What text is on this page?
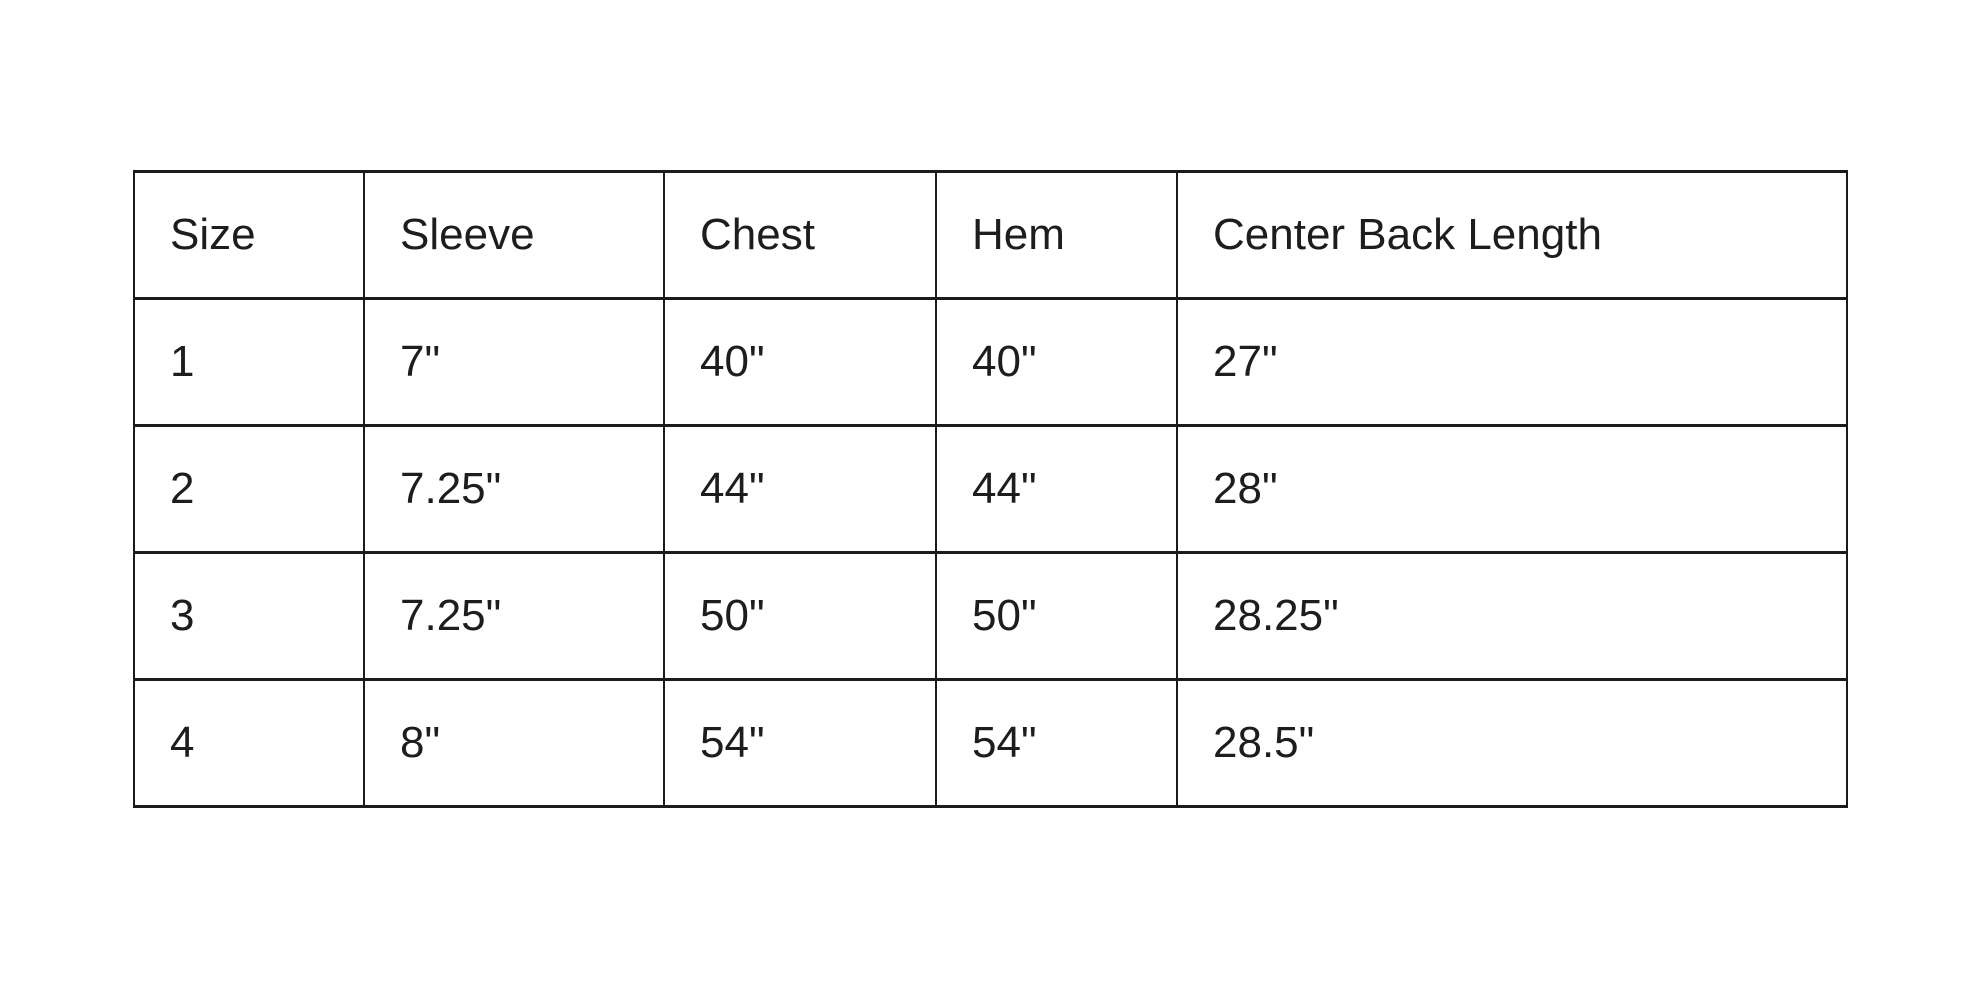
Size	Sleeve	Chest	Hem	Center Back Length
1	7"	40"	40"	27"
2	7.25"	44"	44"	28"
3	7.25"	50"	50"	28.25"
4	8"	54"	54"	28.5"
